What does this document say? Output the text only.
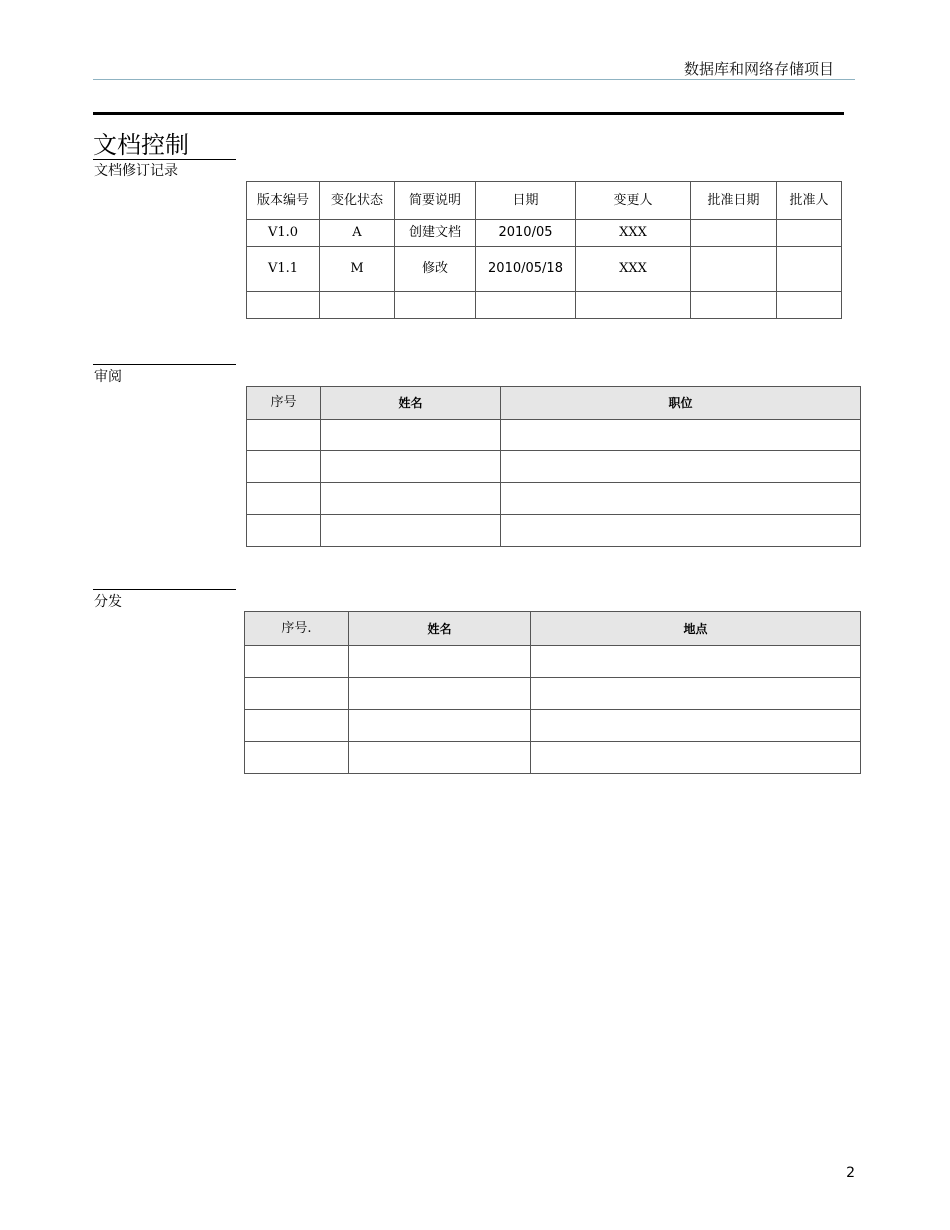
数据库和网络存储项目
文档控制
文档修订记录
版本编号	变化状态	简要说明	日期	变更人	批准日期	批准人
V1.0	A	创建文档	2010/05	XXX		
V1.1	M	修改	2010/05/18	XXX		

审阅
序号	姓名	职位

分发
序号.	姓名	地点

2
